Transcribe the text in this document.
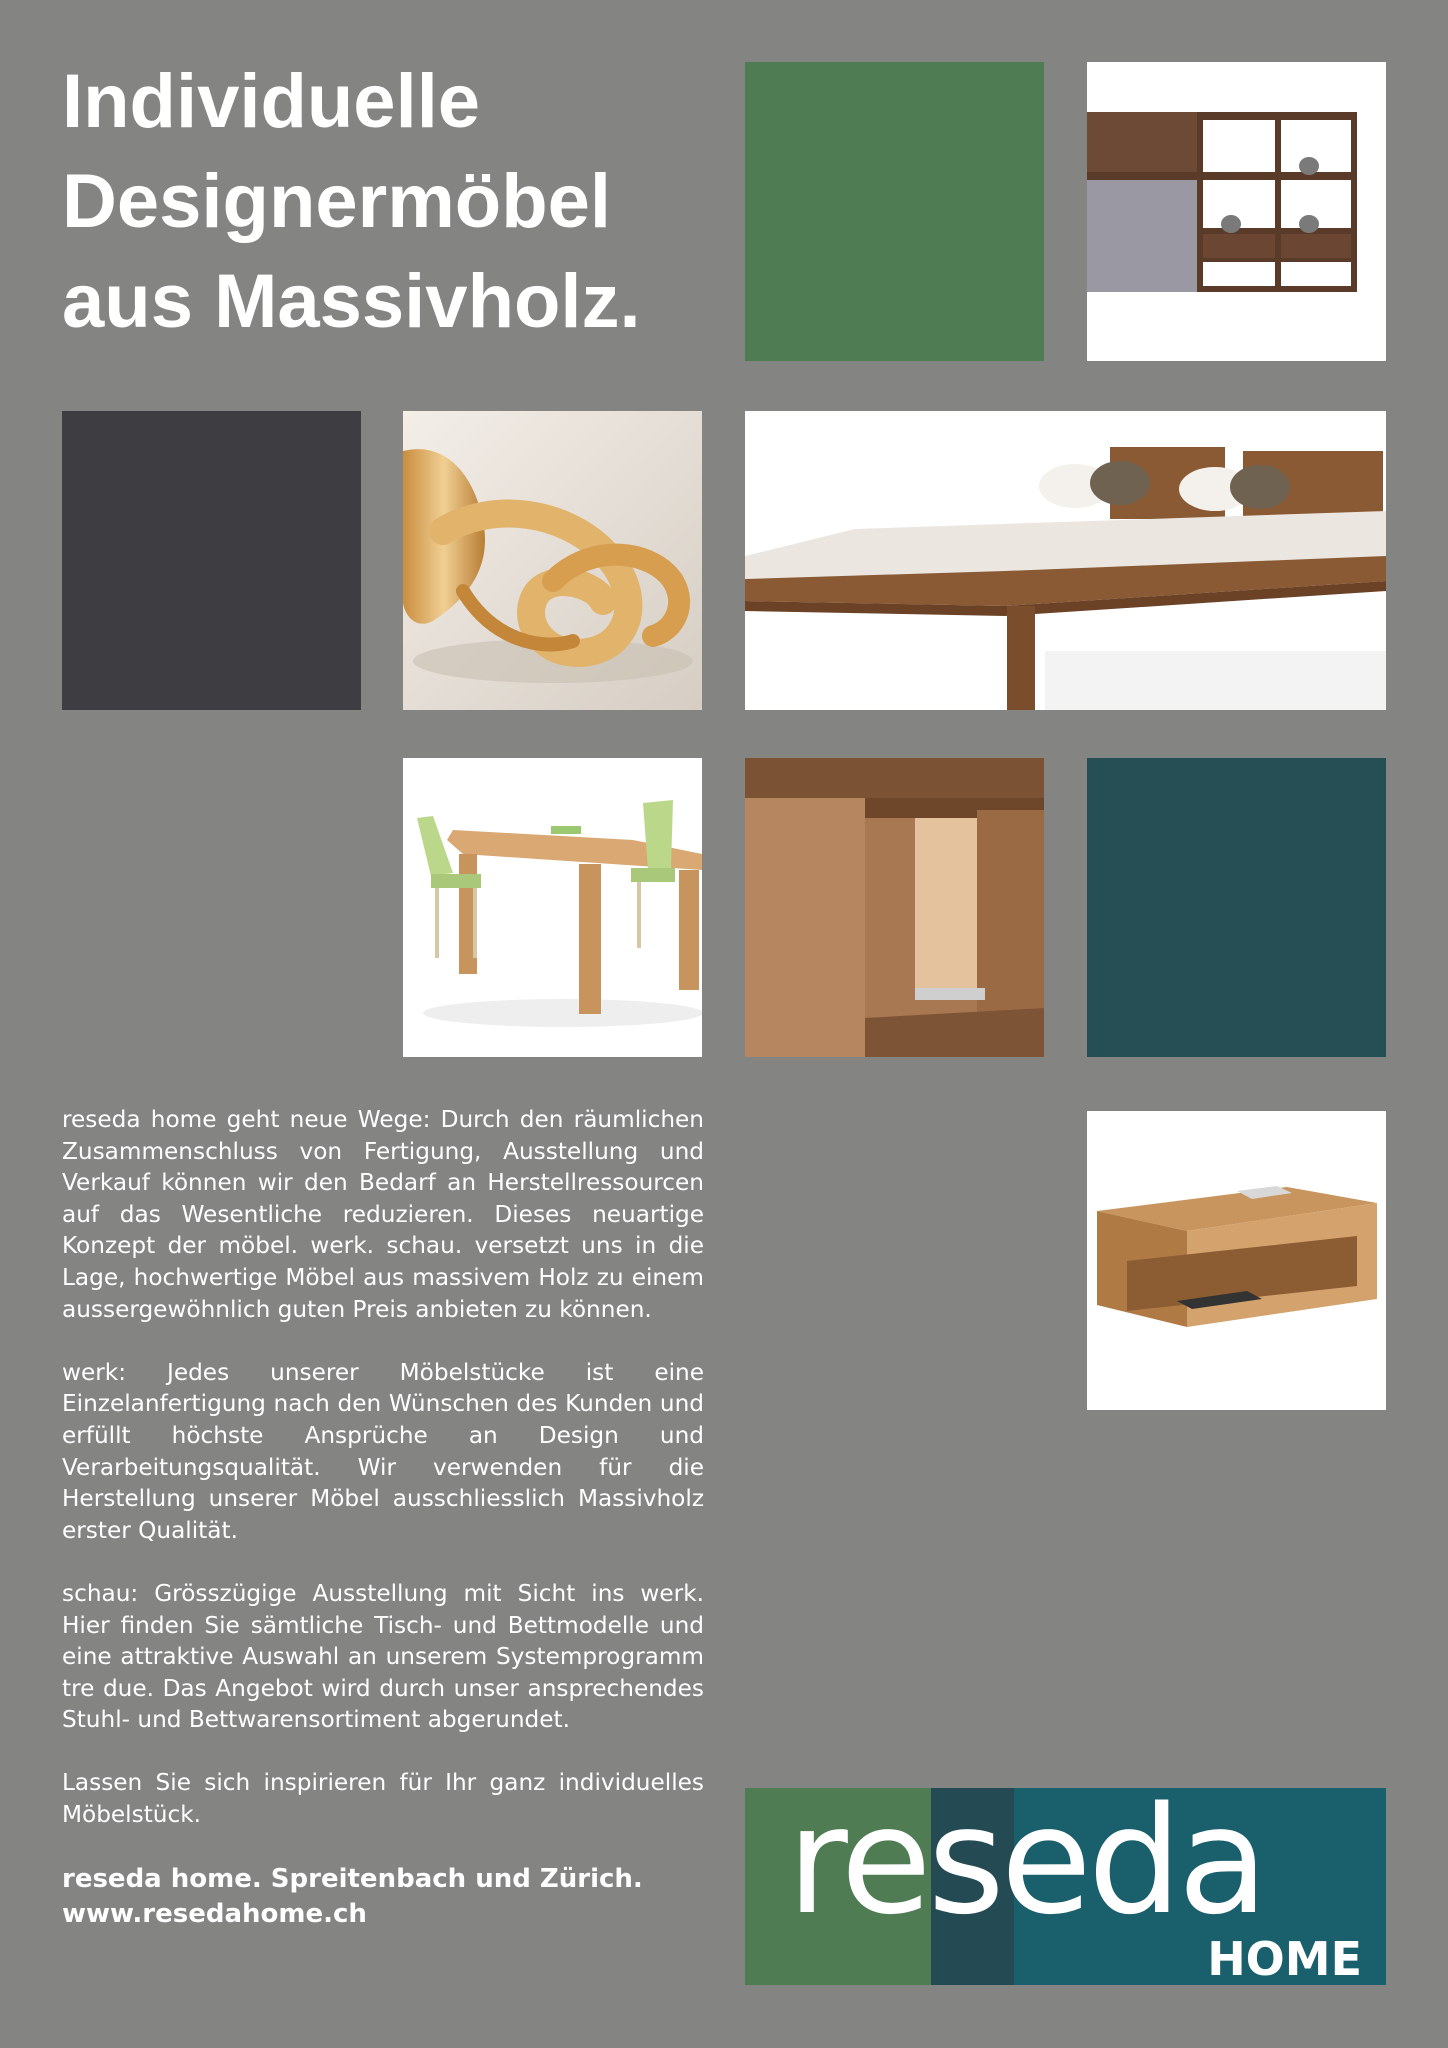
Individuelle
Designermöbel
aus Massivholz.

reseda home geht neue Wege: Durch den räumlichen Zusammenschluss von Fertigung, Ausstellung und Verkauf können wir den Bedarf an Herstellressourcen auf das Wesentliche reduzieren. Dieses neuartige Konzept der möbel. werk. schau. versetzt uns in die Lage, hochwertige Möbel aus massivem Holz zu einem aussergewöhnlich guten Preis anbieten zu können.

werk: Jedes unserer Möbelstücke ist eine Einzelanfertigung nach den Wünschen des Kunden und erfüllt höchste Ansprüche an Design und Verarbeitungsqualität. Wir verwenden für die Herstellung unserer Möbel ausschliesslich Massivholz erster Qualität.

schau: Grösszügige Ausstellung mit Sicht ins werk. Hier finden Sie sämtliche Tisch- und Bettmodelle und eine attraktive Auswahl an unserem Systemprogramm tre due. Das Angebot wird durch unser ansprechendes Stuhl- und Bettwarensortiment abgerundet.

Lassen Sie sich inspirieren für Ihr ganz individuelles Möbelstück.

reseda home. Spreitenbach und Zürich.
www.resedahome.ch	reseda
HOME
